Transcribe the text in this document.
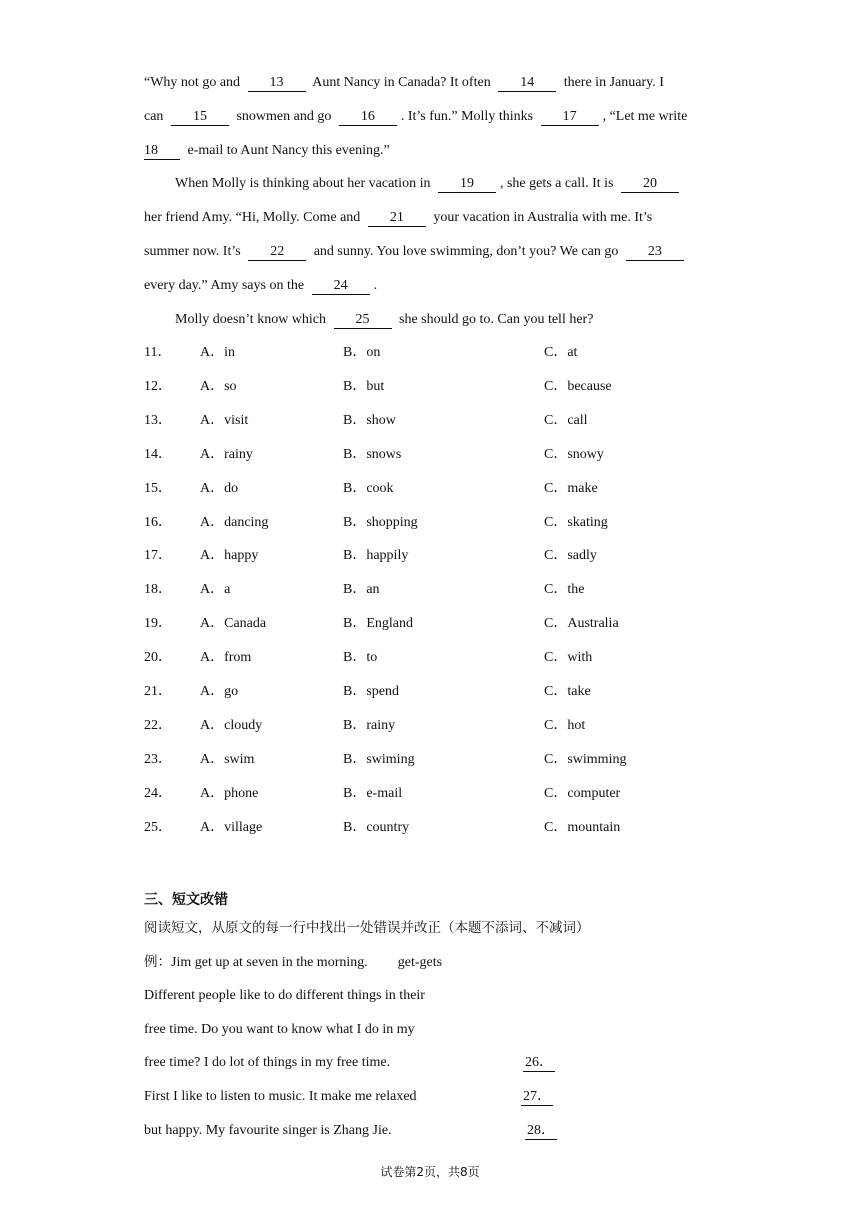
“Why not go and 13 Aunt Nancy in Canada? It often 14 there in January. I
can 15 snowmen and go 16 . It’s fun.” Molly thinks 17 , “Let me write
18 e-mail to Aunt Nancy this evening.”
When Molly is thinking about her vacation in 19 , she gets a call. It is 20
her friend Amy. “Hi, Molly. Come and 21 your vacation in Australia with me. It’s
summer now. It’s 22 and sunny. You love swimming, don’t you? We can go 23
every day.” Amy says on the 24 .
Molly doesn’t know which 25 she should go to. Can you tell her?
11． A．in	B．on	C．at
12． A．so	B．but	C．because
13． A．visit	B．show	C．call
14． A．rainy	B．snows	C．snowy
15． A．do	B．cook	C．make
16． A．dancing	B．shopping	C．skating
17． A．happy	B．happily	C．sadly
18． A．a	B．an	C．the
19． A．Canada	B．England	C．Australia
20． A．from	B．to	C．with
21． A．go	B．spend	C．take
22． A．cloudy	B．rainy	C．hot
23． A．swim	B．swiming	C．swimming
24． A．phone	B．e-mail	C．computer
25． A．village	B．country	C．mountain
三、短文改错
阅读短文，从原文的每一行中找出一处错误并改正（本题不添词、不减词）
例：Jim get up at seven in the morning. get-gets
Different people like to do different things in their
free time. Do you want to know what I do in my
free time? I do lot of things in my free time.	26．
First I like to listen to music. It make me relaxed	27．
but happy. My favourite singer is Zhang Jie.	28．
试卷第2页，共8页
